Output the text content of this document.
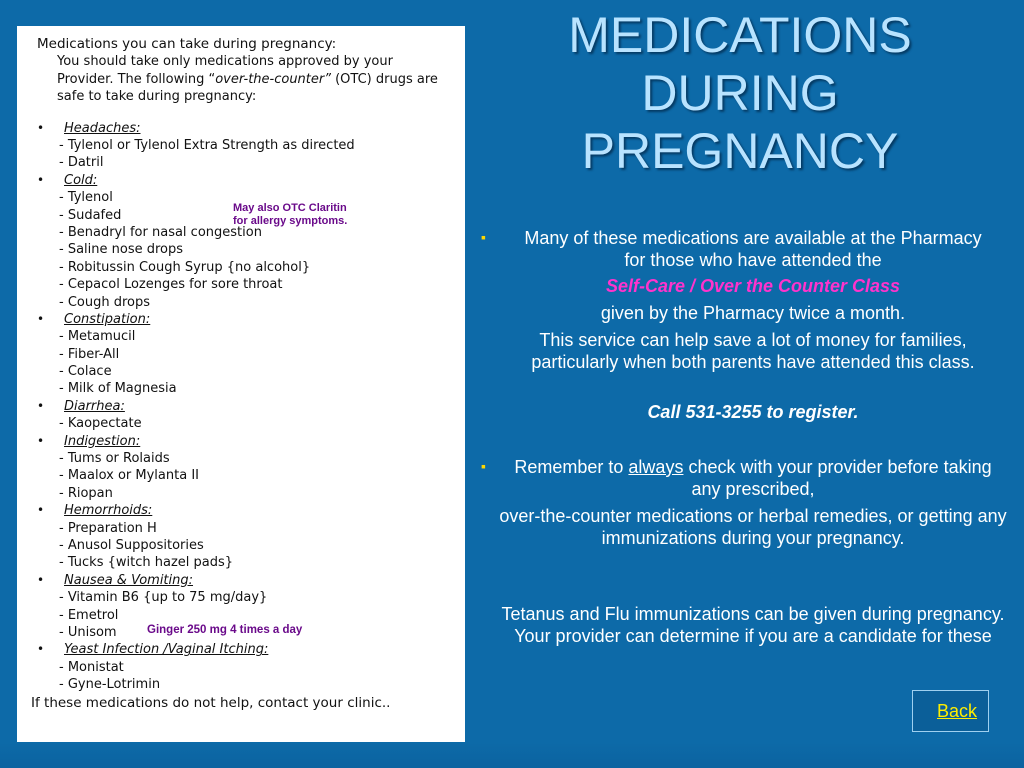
Medications you can take during pregnancy:
You should take only medications approved by your Provider. The following “over-the-counter” (OTC) drugs are safe to take during pregnancy:
• Headaches:
- Tylenol or Tylenol Extra Strength as directed
- Datril
• Cold:
- Tylenol
- Sudafed
- Benadryl for nasal congestion
- Saline nose drops
- Robitussin Cough Syrup {no alcohol}
- Cepacol Lozenges for sore throat
- Cough drops
• Constipation:
- Metamucil
- Fiber-All
- Colace
- Milk of Magnesia
• Diarrhea:
- Kaopectate
• Indigestion:
- Tums or Rolaids
- Maalox or Mylanta II
- Riopan
• Hemorrhoids:
- Preparation H
- Anusol Suppositories
- Tucks {witch hazel pads}
• Nausea & Vomiting:
- Vitamin B6 {up to 75 mg/day}
- Emetrol
- Unisom
• Yeast Infection /Vaginal Itching:
- Monistat
- Gyne-Lotrimin
If these medications do not help, contact your clinic..
May also OTC Claritin
for allergy symptoms.
Ginger 250 mg 4 times a day
MEDICATIONS
DURING
PREGNANCY
▪ Many of these medications are available at the Pharmacy for those who have attended the
Self-Care / Over the Counter Class
given by the Pharmacy twice a month.
This service can help save a lot of money for families, particularly when both parents have attended this class.
Call 531-3255 to register.
▪ Remember to always check with your provider before taking any prescribed,
over-the-counter medications or herbal remedies, or getting any immunizations during your pregnancy.
Tetanus and Flu immunizations can be given during pregnancy. Your provider can determine if you are a candidate for these
Back
